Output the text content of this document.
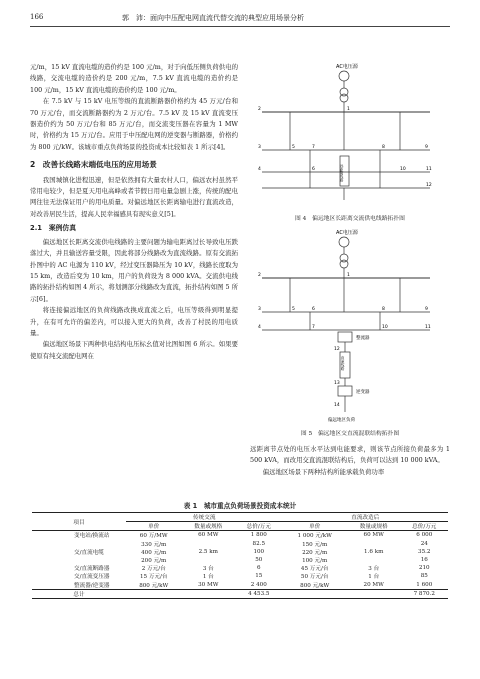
166	郭　沛：面向中压配电网直流代替交流的典型应用场景分析

元/m，15 kV 直流电缆的造价约是 100 元/m，对于向低压侧负荷供电的线路，交流电缆的造价约是 200 元/m，7.5 kV 直流电缆的造价约是 100 元/m，15 kV 直流电缆的造价约是 100 元/m。

在 7.5 kV 与 15 kV 电压等级的直流断路器价格约为 45 万元/台和 70 万元/台，而交流断路器约为 2 万元/台。7.5 kV 及 15 kV 直流变压器造价约为 50 万元/台和 85 万元/台，而交流变压器在容量为 1 MW 时，价格约为 15 万元/台。应用于中压配电网的逆变器与断路器，价格约为 800 元/kW。该城市重点负荷场景的投资成本比较如表 1 所示[4]。

2　改善长线路末端低电压的应用场景

我国城镇化进程迅速，但是依然拥有大量农村人口，偏远农村虽然平常用电较少，但是夏天用电高峰或者节假日用电量急剧上涨，传统的配电网往往无法保证用户的用电质量。对偏远地区长距离输电进行直流改造，对改善居民生活，提高人民幸福感具有现实意义[5]。

2.1　案例仿真

偏远地区长距离交流供电线路的主要问题为输电距离过长导致电压跌落过大，并且输送容量受限，因此将部分线路改为直流线路。原有交流拓扑图中的 AC 电源为 110 kV，经过变压器降压为 10 kV，线路长度取为 15 km，改造后变为 10 km，用户的负荷设为 8 000 kVA。交流供电线路的拓扑结构如图 4 所示，将划测部分线路改为直流，拓扑结构如图 5 所示[6]。

将连接偏远地区的负荷线路改换成直流之后，电压等级得到明显提升，在有可允许的偏差内，可以接入更大的负荷，改善了村民的用电质量。

偏远地区场景下两种供电结构电压标幺值对比图如图 6 所示。如果要使原有纯交流配电网在

AC电压源
1
2
3
4
5
6
7	8	9
10	11
12
远距离线路
图 4　偏远地区长距离交流供电线路拓扑图
AC电压源
1
2
3
4
5	6
7
8	9
10	11
12
13
14
整流器
直流线路
逆变器
偏远地区负荷
图 5　偏远地区交直流混联结构拓扑图

远距离节点处的电压水平达到电能要求，则该节点所接负荷最多为 1 500 kVA，而改用交直流混联结构后，负荷可以达到 10 000 kVA。

偏远地区场景下两种结构所能承载负荷功率

表 1　城市重点负荷场景投资成本统计
项目	传统交流			直流改造后		
	单价	数量或规格	总价/万元	单价	数量或规格	总价/万元
变电站/换流站	60 万/MW	60 MW	1 800	1 000 元/kW	60 MW	6 000
	330 元/m		82.5	150 元/m		24
交/直流电缆	400 元/m	2.5 km	100	220 元/m	1.6 km	35.2
	200 元/m		50	100 元/m		16
交/直流断路器	2 万元/台	3 台	6	45 万元/台	3 台	210
交/直流变压器	15 万元/台	1 台	15	50 万元/台	1 台	85
整流器/逆变器	800 元/kW	30 MW	2 400	800 元/kW	20 MW	1 600
总计			4 453.5			7 870.2
